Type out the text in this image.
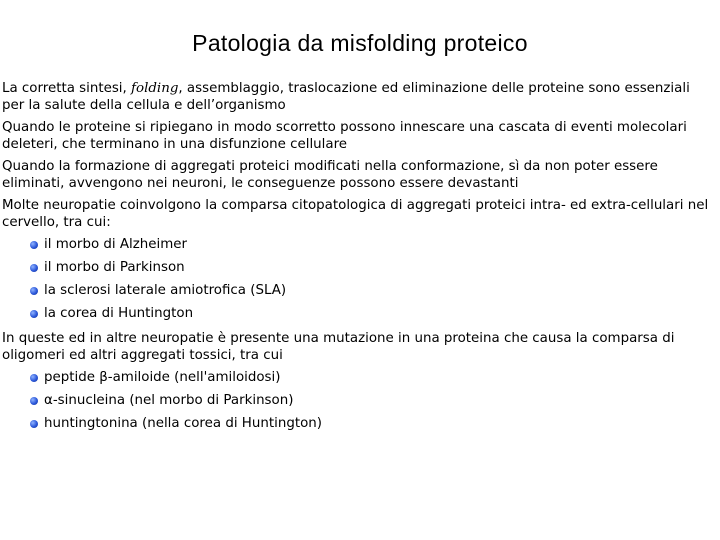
Patologia da misfolding proteico

La corretta sintesi, folding, assemblaggio, traslocazione ed eliminazione delle proteine sono essenziali per la salute della cellula e dell’organismo

Quando le proteine si ripiegano in modo scorretto possono innescare una cascata di eventi molecolari deleteri, che terminano in una disfunzione cellulare

Quando la formazione di aggregati proteici modificati nella conformazione, sì da non poter essere eliminati, avvengono nei neuroni, le conseguenze possono essere devastanti

Molte neuropatie coinvolgono la comparsa citopatologica di aggregati proteici intra- ed extra-cellulari nel cervello, tra cui:

il morbo di Alzheimer
il morbo di Parkinson
la sclerosi laterale amiotrofica (SLA)
la corea di Huntington

In queste ed in altre neuropatie è presente una mutazione in una proteina che causa la comparsa di oligomeri ed altri aggregati tossici, tra cui

peptide β-amiloide (nell'amiloidosi)
α-sinucleina (nel morbo di Parkinson)
huntingtonina (nella corea di Huntington)
